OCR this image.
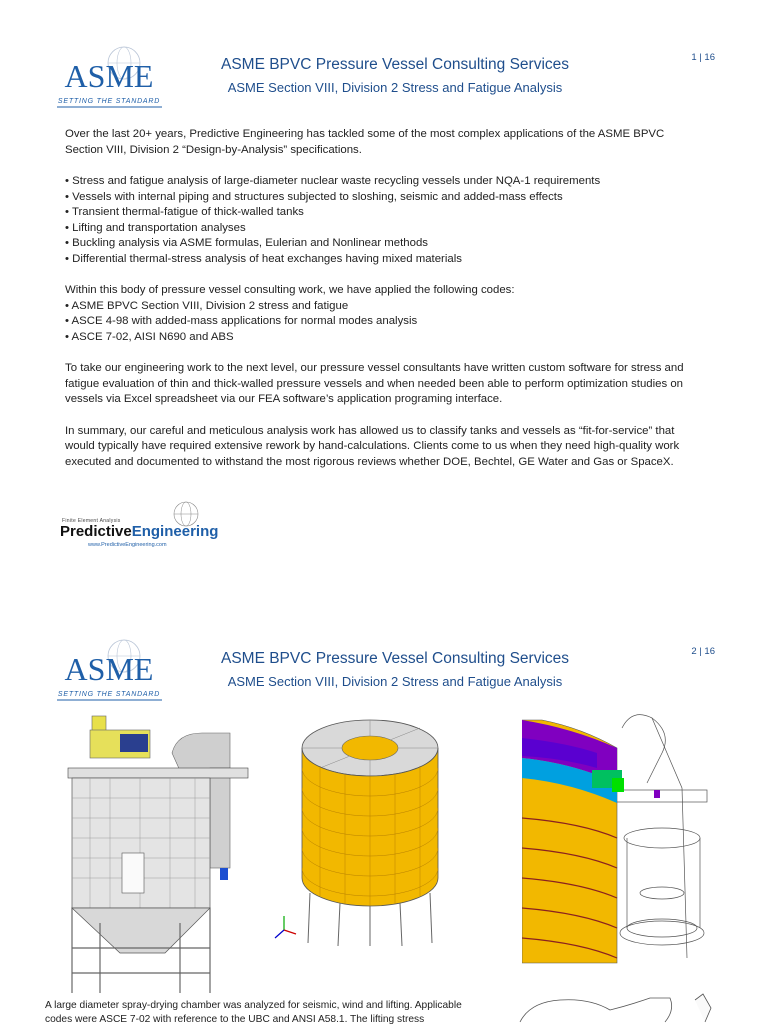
ASME
SETTING THE STANDARD
ASME BPVC Pressure Vessel Consulting Services
ASME Section VIII, Division 2 Stress and Fatigue Analysis
1 | 16

Over the last 20+ years, Predictive Engineering has tackled some of the most complex applications of the ASME BPVC Section VIII, Division 2 “Design-by-Analysis” specifications.

• Stress and fatigue analysis of large-diameter nuclear waste recycling vessels under NQA-1 requirements
• Vessels with internal piping and structures subjected to sloshing, seismic and added-mass effects
• Transient thermal-fatigue of thick-walled tanks
• Lifting and transportation analyses
• Buckling analysis via ASME formulas, Eulerian and Nonlinear methods
• Differential thermal-stress analysis of heat exchanges having mixed materials

Within this body of pressure vessel consulting work, we have applied the following codes:

• ASME BPVC Section VIII, Division 2 stress and fatigue
• ASCE 4-98 with added-mass applications for normal modes analysis
• ASCE 7-02, AISI N690 and ABS

To take our engineering work to the next level, our pressure vessel consultants have written custom software for stress and fatigue evaluation of thin and thick-walled pressure vessels and when needed been able to perform optimization studies on vessels via Excel spreadsheet via our FEA software’s application programing interface.

In summary, our careful and meticulous analysis work has allowed us to classify tanks and vessels as “fit-for-service” that would typically have required extensive rework by hand-calculations. Clients come to us when they need high-quality work executed and documented to withstand the most rigorous reviews whether DOE, Bechtel, GE Water and Gas or SpaceX.

Finite Element Analysis
PredictiveEngineering
www.PredictiveEngineering.com
ASME
SETTING THE STANDARD
ASME BPVC Pressure Vessel Consulting Services
ASME Section VIII, Division 2 Stress and Fatigue Analysis
2 | 16
A large diameter spray-drying chamber was analyzed for seismic, wind and lifting. Applicable codes were ASCE 7-02 with reference to the UBC and ANSI A58.1. The lifting stress
